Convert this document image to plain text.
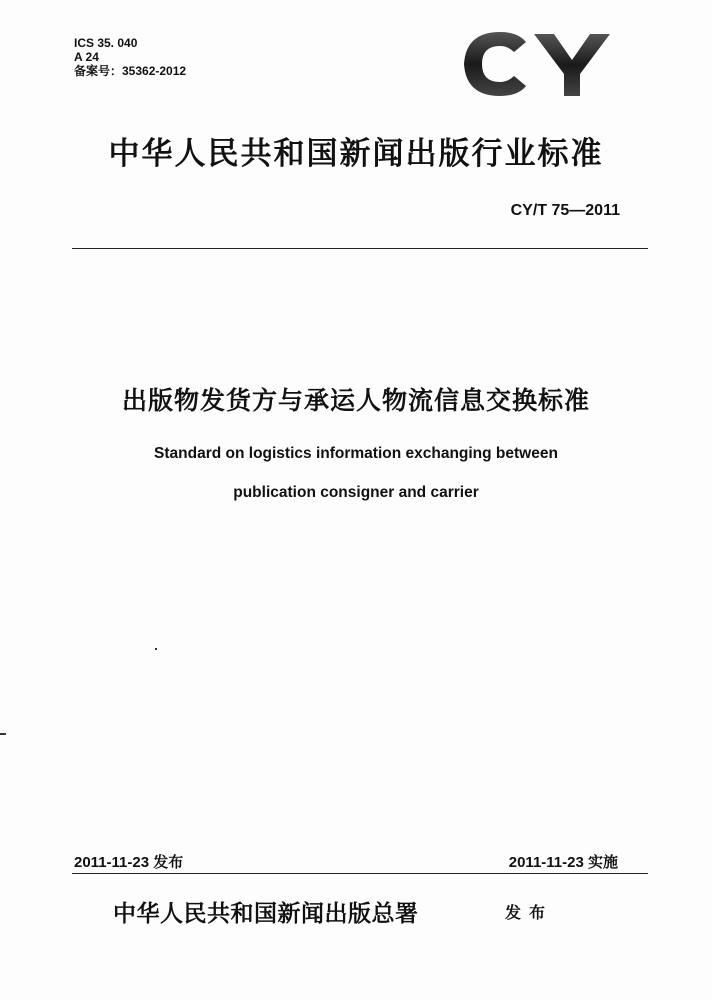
ICS 35. 040
A 24
备案号：35362-2012
中华人民共和国新闻出版行业标准
CY/T 75—2011
出版物发货方与承运人物流信息交换标准
Standard on logistics information exchanging between
publication consigner and carrier
2011-11-23 发布	2011-11-23 实施
中华人民共和国新闻出版总署	发布
